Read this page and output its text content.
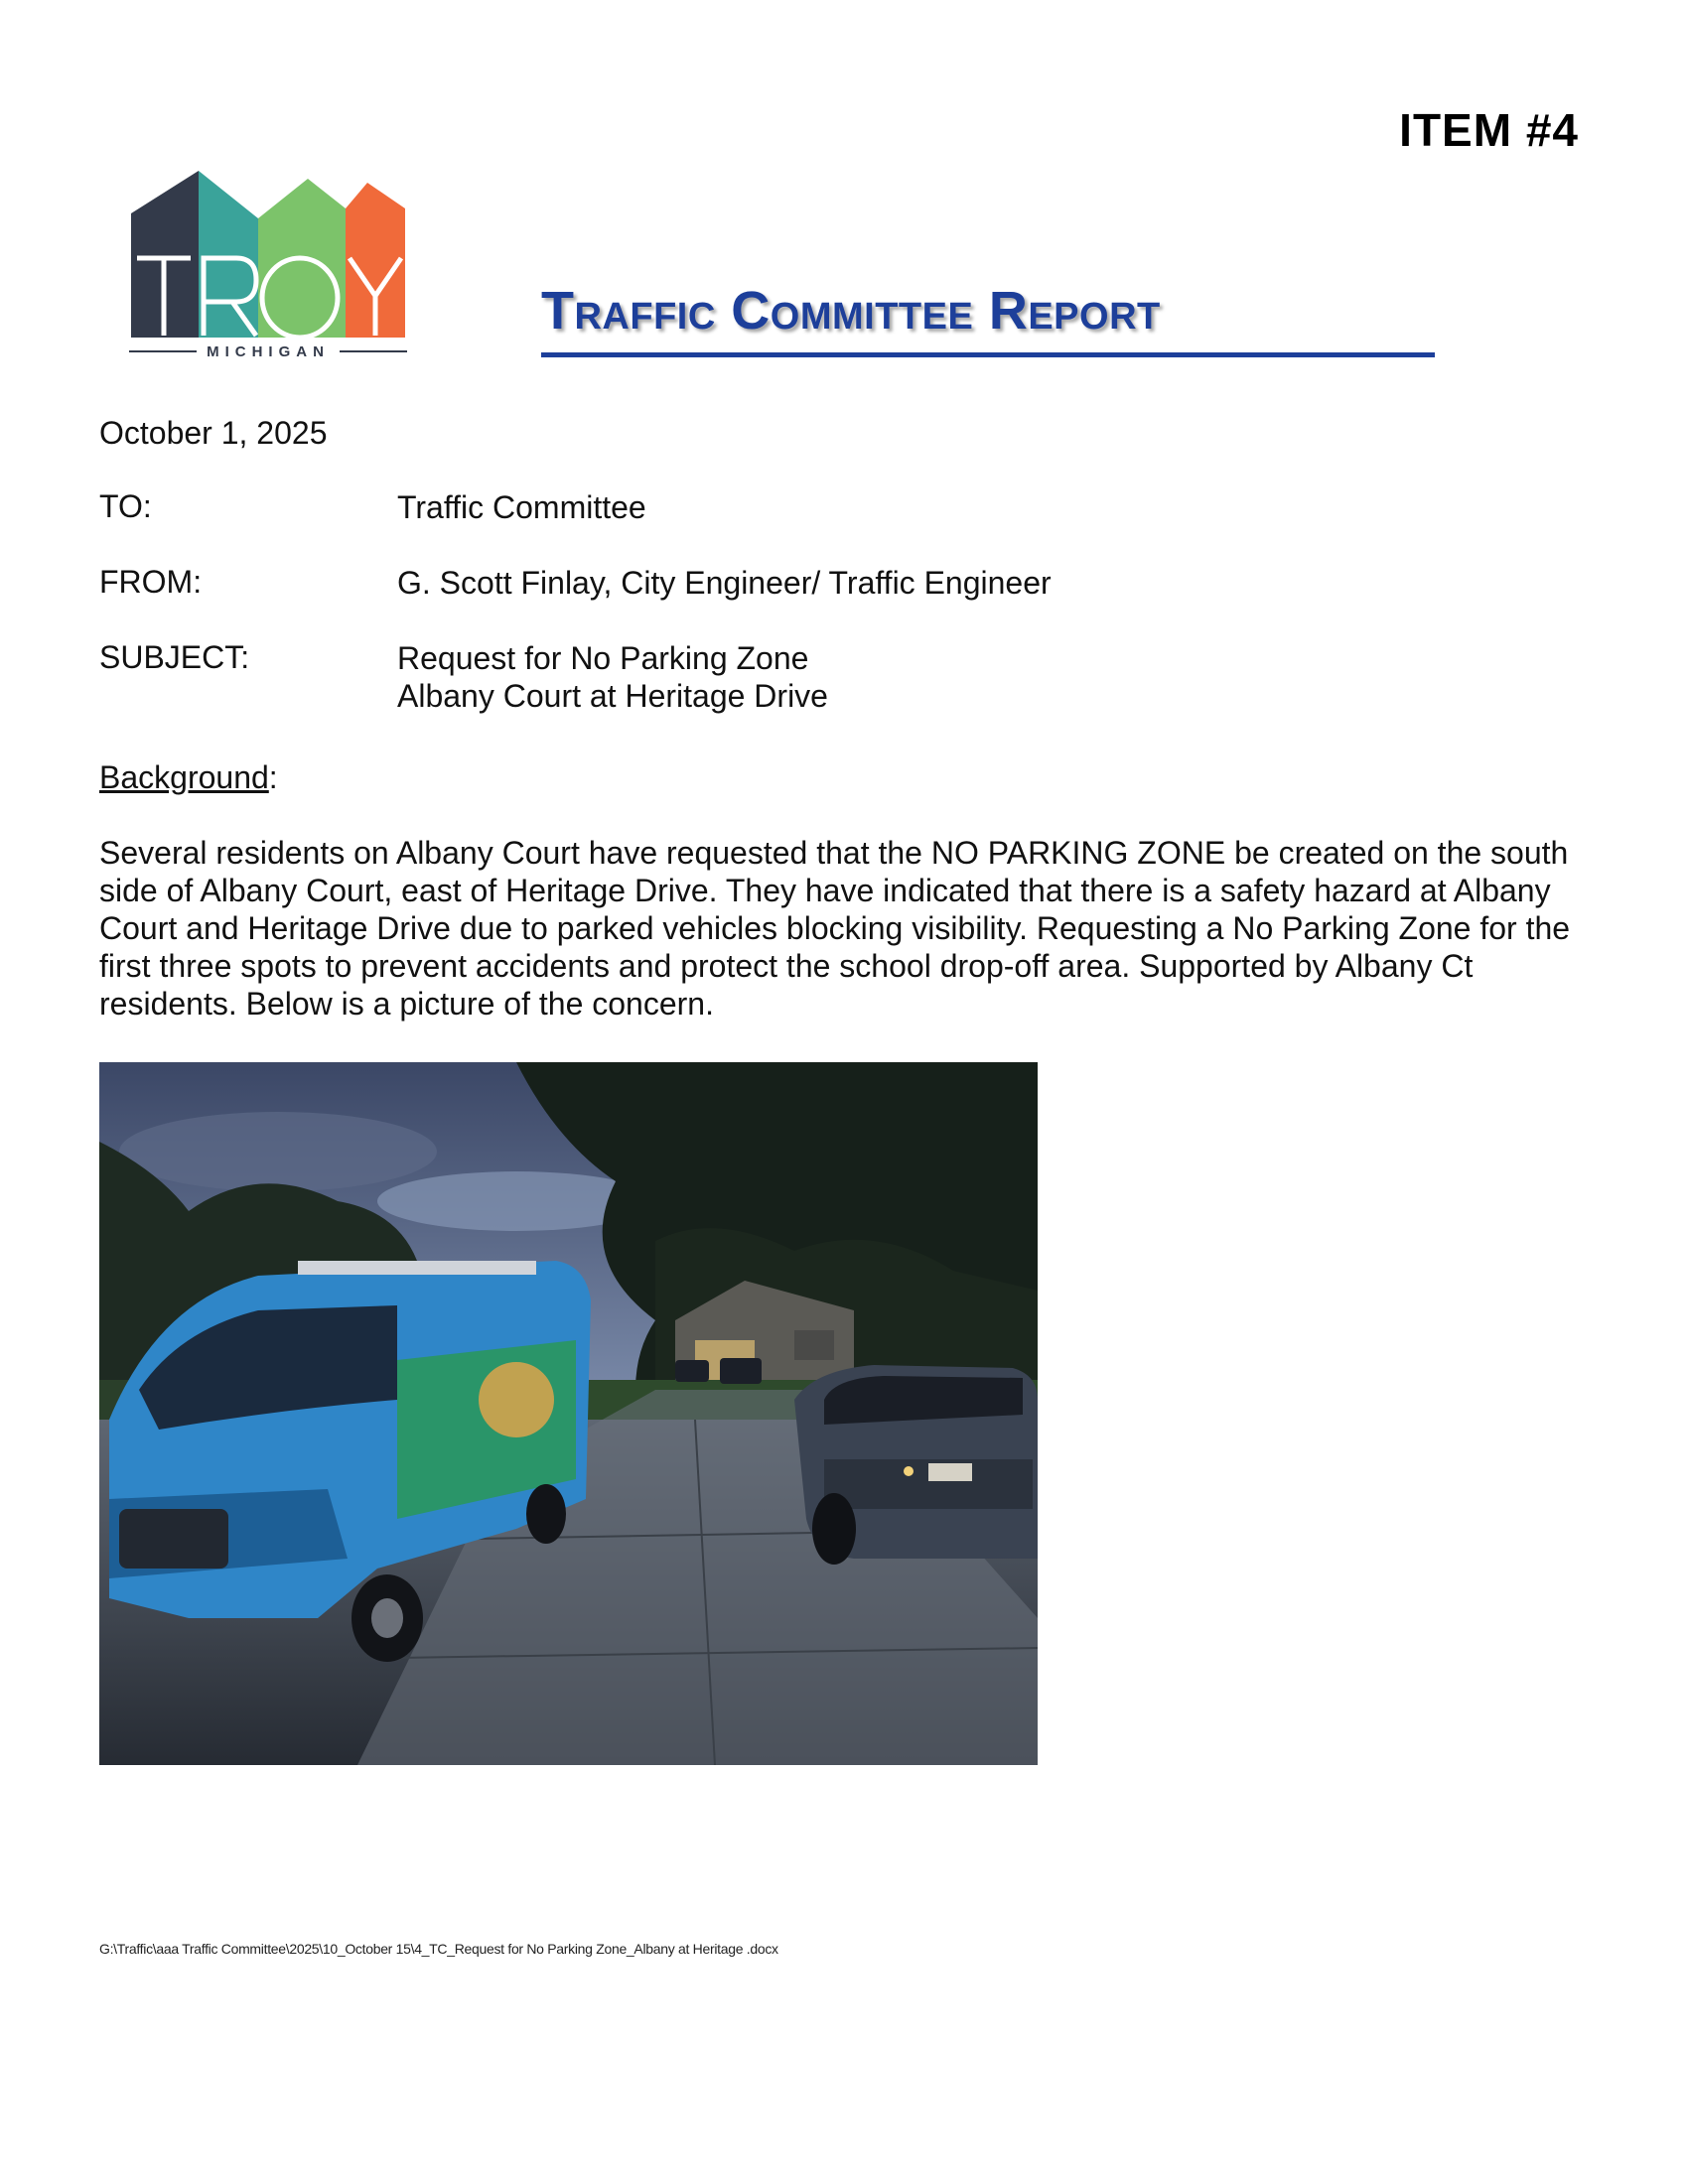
ITEM #4
MICHIGAN
Traffic Committee Report
October 1, 2025
TO:	Traffic Committee
FROM:	G. Scott Finlay, City Engineer/ Traffic Engineer
SUBJECT:	Request for No Parking Zone
Albany Court at Heritage Drive
Background:
Several residents on Albany Court have requested that the NO PARKING ZONE be created on the south side of Albany Court, east of Heritage Drive. They have indicated that there is a safety hazard at Albany Court and Heritage Drive due to parked vehicles blocking visibility. Requesting a No Parking Zone for the first three spots to prevent accidents and protect the school drop-off area. Supported by Albany Ct residents. Below is a picture of the concern.
G:\Traffic\aaa Traffic Committee\2025\10_October 15\4_TC_Request for No Parking Zone_Albany at Heritage .docx
